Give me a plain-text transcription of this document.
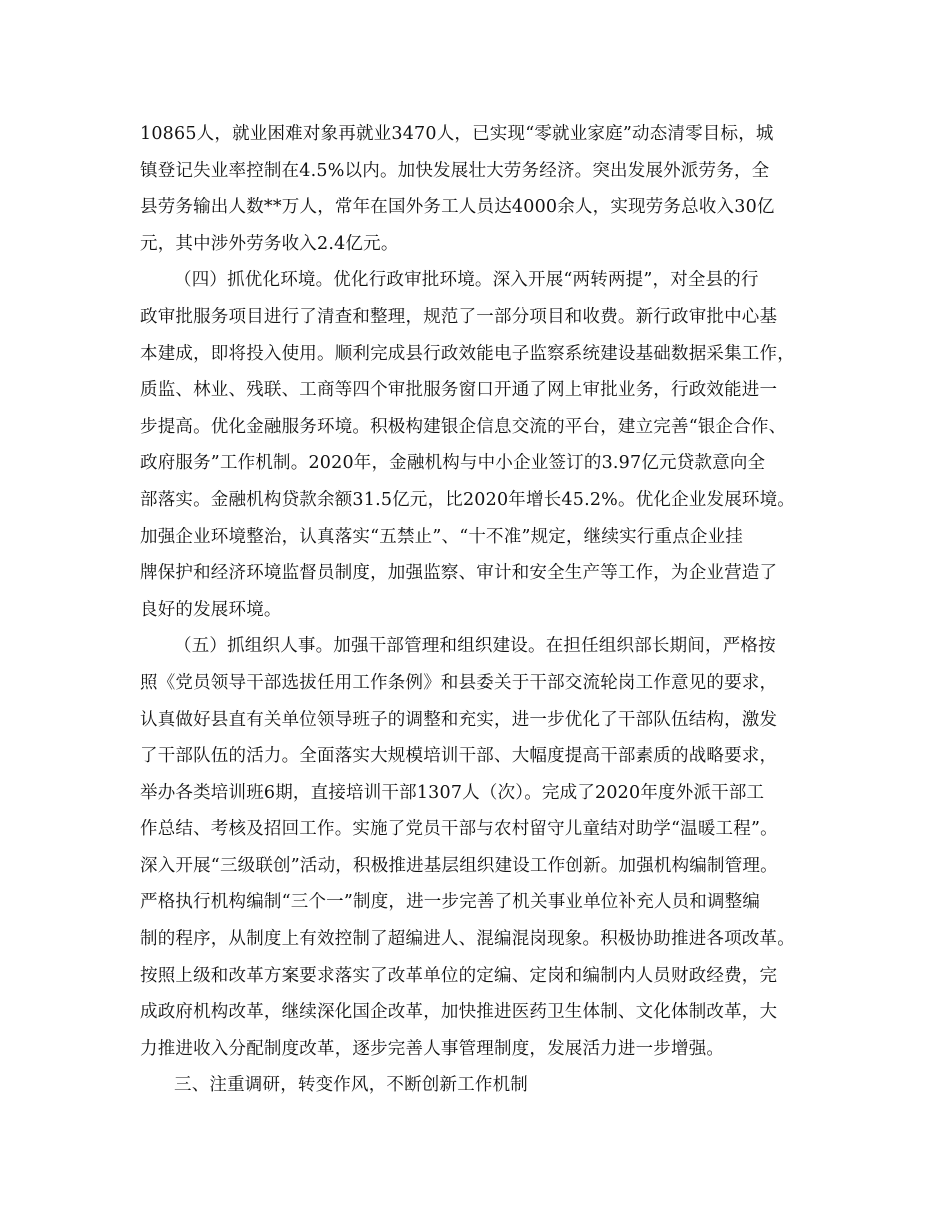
10865人，就业困难对象再就业3470人，已实现“零就业家庭”动态清零目标，城
镇登记失业率控制在4.5%以内。加快发展壮大劳务经济。突出发展外派劳务，全
县劳务输出人数**万人，常年在国外务工人员达4000余人，实现劳务总收入30亿
元，其中涉外劳务收入2.4亿元。
（四）抓优化环境。优化行政审批环境。深入开展“两转两提”，对全县的行
政审批服务项目进行了清查和整理，规范了一部分项目和收费。新行政审批中心基
本建成，即将投入使用。顺利完成县行政效能电子监察系统建设基础数据采集工作，
质监、林业、残联、工商等四个审批服务窗口开通了网上审批业务，行政效能进一
步提高。优化金融服务环境。积极构建银企信息交流的平台，建立完善“银企合作、
政府服务”工作机制。2020年，金融机构与中小企业签订的3.97亿元贷款意向全
部落实。金融机构贷款余额31.5亿元，比2020年增长45.2%。优化企业发展环境。
加强企业环境整治，认真落实“五禁止”、“十不准”规定，继续实行重点企业挂
牌保护和经济环境监督员制度，加强监察、审计和安全生产等工作，为企业营造了
良好的发展环境。
（五）抓组织人事。加强干部管理和组织建设。在担任组织部长期间，严格按
照《党员领导干部选拔任用工作条例》和县委关于干部交流轮岗工作意见的要求，
认真做好县直有关单位领导班子的调整和充实，进一步优化了干部队伍结构，激发
了干部队伍的活力。全面落实大规模培训干部、大幅度提高干部素质的战略要求，
举办各类培训班6期，直接培训干部1307人（次）。完成了2020年度外派干部工
作总结、考核及招回工作。实施了党员干部与农村留守儿童结对助学“温暖工程”。
深入开展“三级联创”活动，积极推进基层组织建设工作创新。加强机构编制管理。
严格执行机构编制“三个一”制度，进一步完善了机关事业单位补充人员和调整编
制的程序，从制度上有效控制了超编进人、混编混岗现象。积极协助推进各项改革。
按照上级和改革方案要求落实了改革单位的定编、定岗和编制内人员财政经费，完
成政府机构改革，继续深化国企改革，加快推进医药卫生体制、文化体制改革，大
力推进收入分配制度改革，逐步完善人事管理制度，发展活力进一步增强。
三、注重调研，转变作风，不断创新工作机制
